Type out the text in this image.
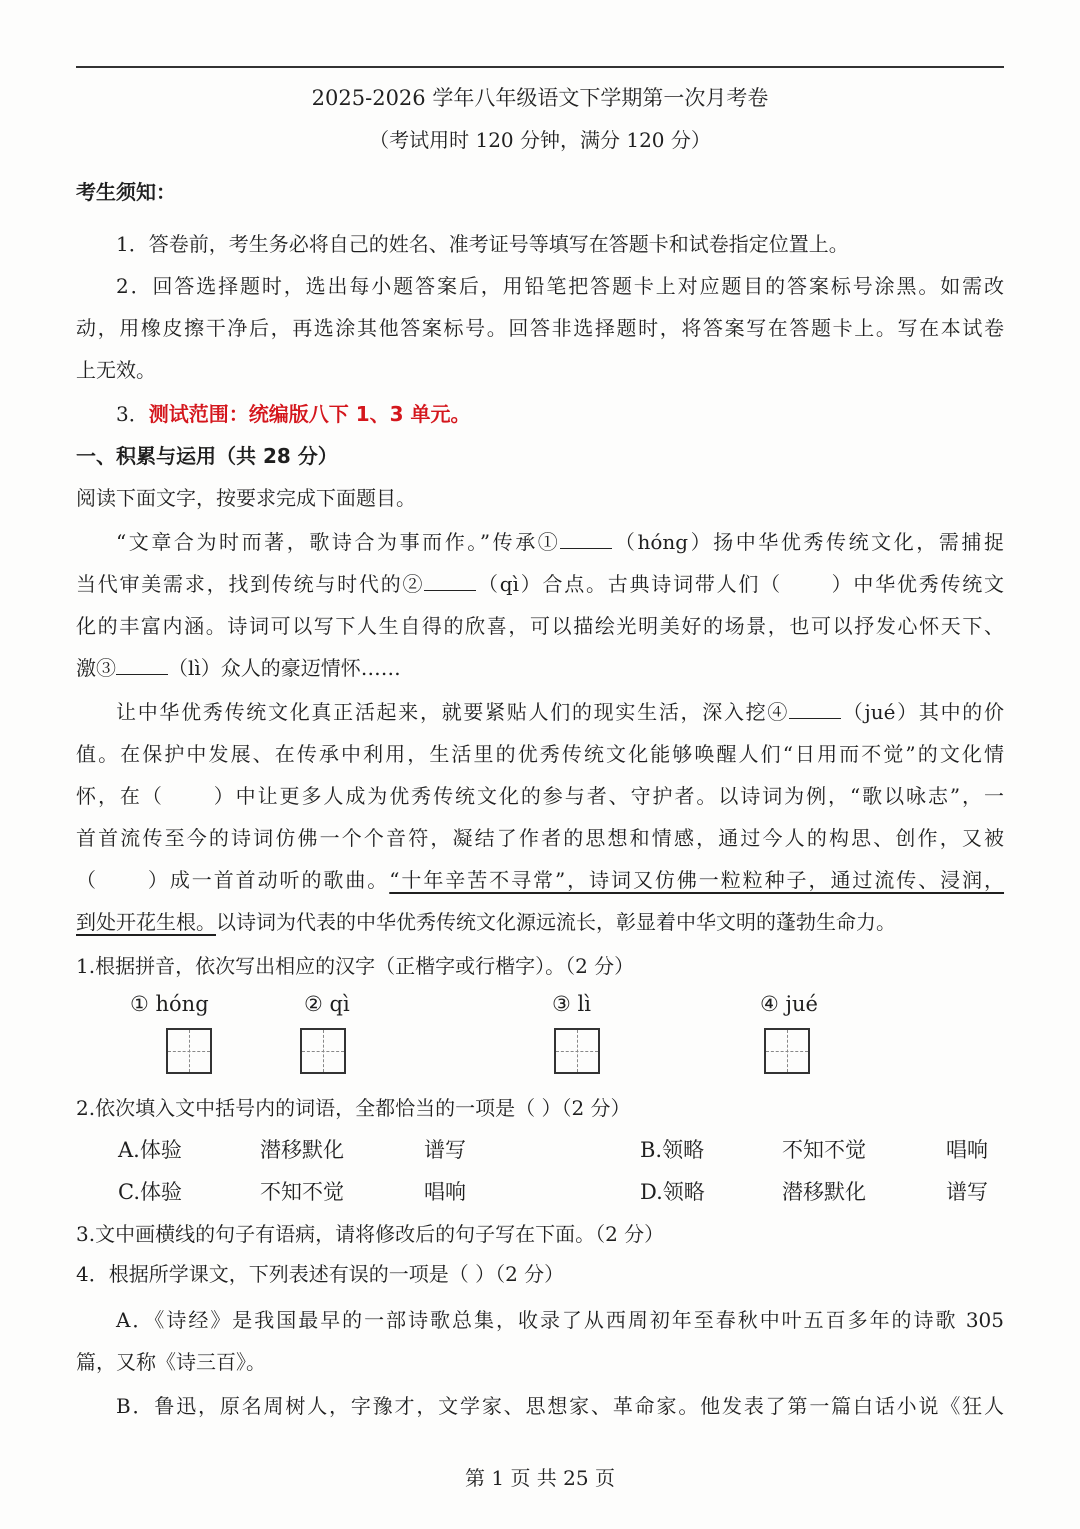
2025-2026 学年八年级语文下学期第一次月考卷
（考试用时 120 分钟，满分 120 分）
考生须知：
1．答卷前，考生务必将自己的姓名、准考证号等填写在答题卡和试卷指定位置上。
2．回答选择题时，选出每小题答案后，用铅笔把答题卡上对应题目的答案标号涂黑。如需改
动，用橡皮擦干净后，再选涂其他答案标号。回答非选择题时，将答案写在答题卡上。写在本试卷
上无效。
3．测试范围：统编版八下 1、3 单元。
一、积累与运用（共 28 分）
阅读下面文字，按要求完成下面题目。
“文章合为时而著，歌诗合为事而作。”传承①	（hóng）扬中华优秀传统文化，需捕捉
当代审美需求，找到传统与时代的②	（qì）合点。古典诗词带人们（ ）中华优秀传统文
化的丰富内涵。诗词可以写下人生自得的欣喜，可以描绘光明美好的场景，也可以抒发心怀天下、
激③	（lì）众人的豪迈情怀……
让中华优秀传统文化真正活起来，就要紧贴人们的现实生活，深入挖④	（jué）其中的价
值。在保护中发展、在传承中利用，生活里的优秀传统文化能够唤醒人们“日用而不觉”的文化情
怀，在（ ）中让更多人成为优秀传统文化的参与者、守护者。以诗词为例，“歌以咏志”，一
首首流传至今的诗词仿佛一个个音符，凝结了作者的思想和情感，通过今人的构思、创作，又被
（ ）成一首首动听的歌曲。“十年辛苦不寻常”，诗词又仿佛一粒粒种子，通过流传、浸润，
到处开花生根。以诗词为代表的中华优秀传统文化源远流长，彰显着中华文明的蓬勃生命力。
1.根据拼音，依次写出相应的汉字（正楷字或行楷字）。（2 分）
① hóng	② qì	③ lì	④ jué
2.依次填入文中括号内的词语，全都恰当的一项是（ ）（2 分）
A.体验	潜移默化	谱写	B.领略	不知不觉	唱响
C.体验	不知不觉	唱响	D.领略	潜移默化	谱写
3.文中画横线的句子有语病，请将修改后的句子写在下面。（2 分）
4．根据所学课文，下列表述有误的一项是（ ）（2 分）
A．《诗经》是我国最早的一部诗歌总集，收录了从西周初年至春秋中叶五百多年的诗歌 305
篇，又称《诗三百》。
B．鲁迅，原名周树人，字豫才，文学家、思想家、革命家。他发表了第一篇白话小说《狂人
第 1 页 共 25 页
